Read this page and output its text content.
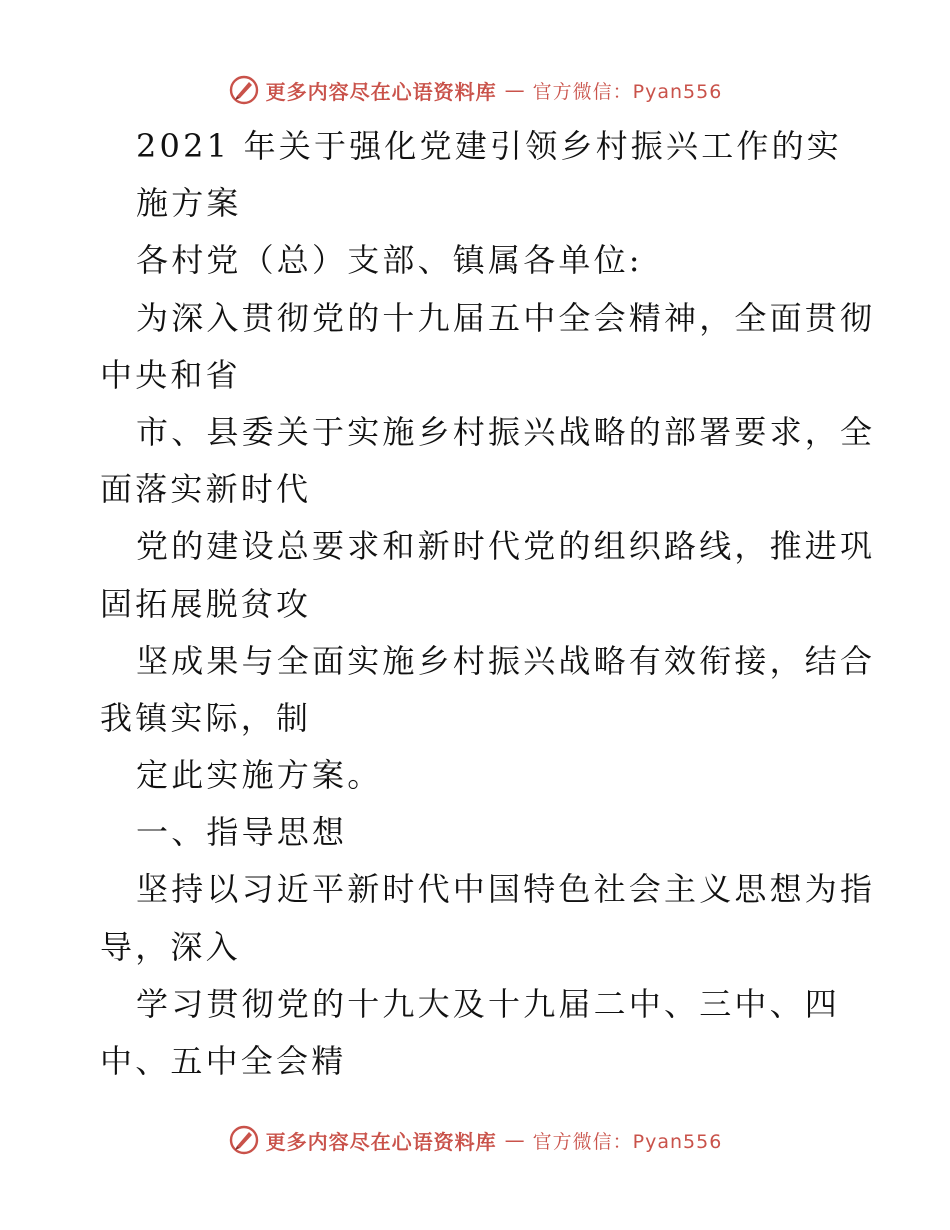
更多内容尽在心语资料库 — 官方微信：Pyan556

2021 年关于强化党建引领乡村振兴工作的实

施方案

各村党（总）支部、镇属各单位:

为深入贯彻党的十九届五中全会精神，全面贯彻

中央和省

市、县委关于实施乡村振兴战略的部署要求，全

面落实新时代

党的建设总要求和新时代党的组织路线，推进巩

固拓展脱贫攻

坚成果与全面实施乡村振兴战略有效衔接，结合

我镇实际，制

定此实施方案。

一、指导思想

坚持以习近平新时代中国特色社会主义思想为指

导，深入

学习贯彻党的十九大及十九届二中、三中、四

中、五中全会精

更多内容尽在心语资料库 — 官方微信：Pyan556
